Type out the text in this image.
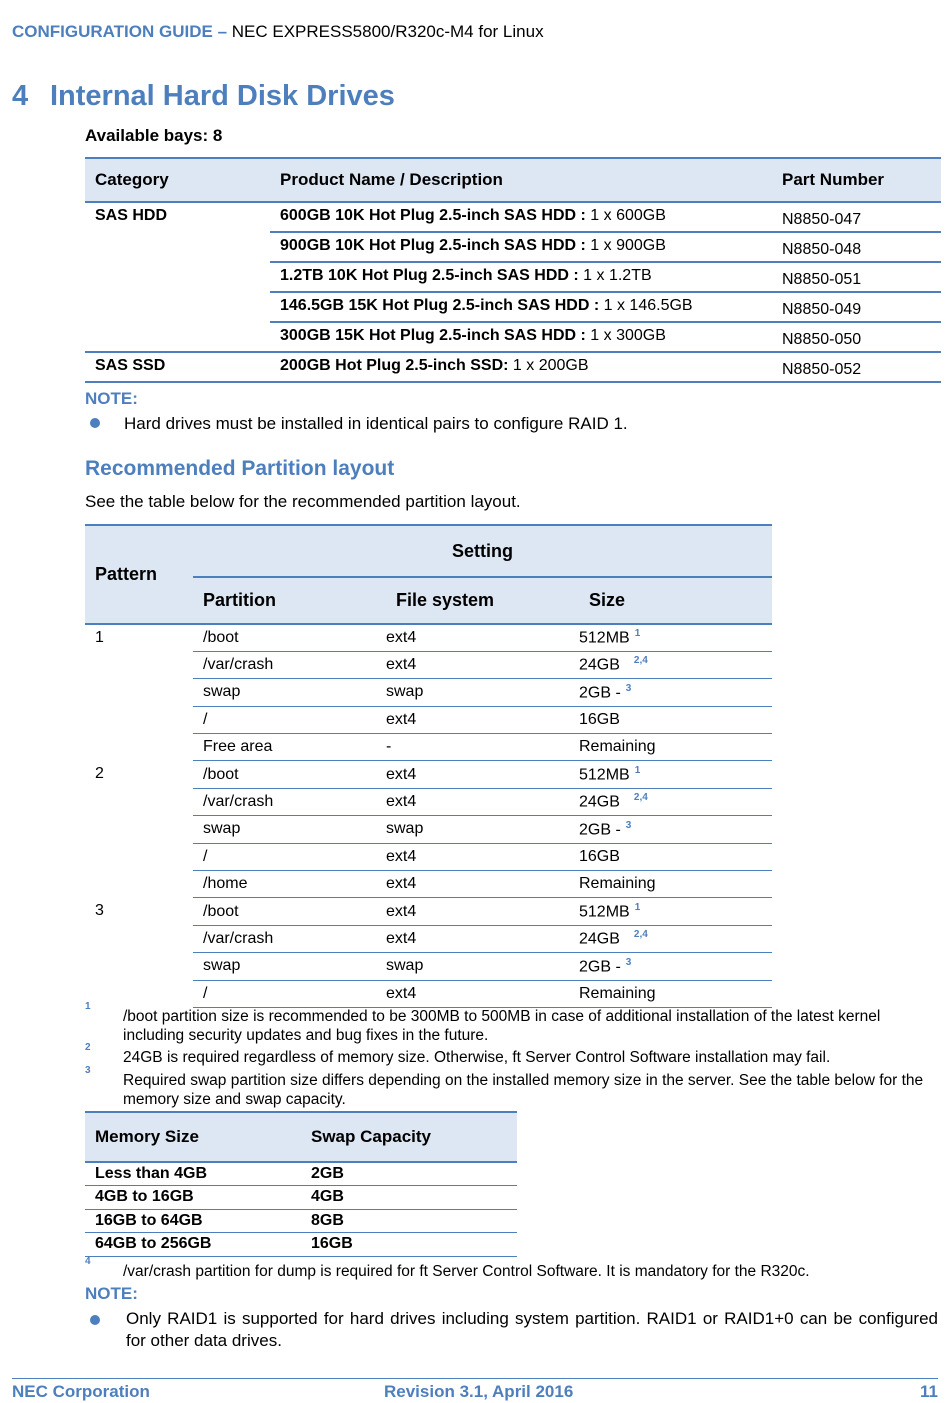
CONFIGURATION GUIDE – NEC EXPRESS5800/R320c-M4 for Linux
4 Internal Hard Disk Drives
Available bays: 8
Category	Product Name / Description	Part Number
SAS HDD	600GB 10K Hot Plug 2.5-inch SAS HDD : 1 x 600GB	N8850-047
	900GB 10K Hot Plug 2.5-inch SAS HDD : 1 x 900GB	N8850-048
	1.2TB 10K Hot Plug 2.5-inch SAS HDD : 1 x 1.2TB	N8850-051
	146.5GB 15K Hot Plug 2.5-inch SAS HDD : 1 x 146.5GB	N8850-049
	300GB 15K Hot Plug 2.5-inch SAS HDD : 1 x 300GB	N8850-050
SAS SSD	200GB Hot Plug 2.5-inch SSD: 1 x 200GB	N8850-052
NOTE:
Hard drives must be installed in identical pairs to configure RAID 1.
Recommended Partition layout
See the table below for the recommended partition layout.
Pattern	Setting		
	Partition	File system	Size
1	/boot	ext4	512MB $^1$
	/var/crash	ext4	24GB $^{2,4}$
	swap	swap	2GB - $^3$
	/	ext4	16GB
	Free area	-	Remaining
2	/boot	ext4	512MB $^1$
	/var/crash	ext4	24GB $^{2,4}$
	swap	swap	2GB - $^3$
	/	ext4	16GB
	/home	ext4	Remaining
3	/boot	ext4	512MB $^1$
	/var/crash	ext4	24GB $^{2,4}$
	swap	swap	2GB - $^3$
	/	ext4	Remaining
1
/boot partition size is recommended to be 300MB to 500MB in case of additional installation of the latest kernel including security updates and bug fixes in the future.
2
24GB is required regardless of memory size. Otherwise, ft Server Control Software installation may fail.
3
Required swap partition size differs depending on the installed memory size in the server. See the table below for the memory size and swap capacity.
Memory Size	Swap Capacity
Less than 4GB	2GB
4GB to 16GB	4GB
16GB to 64GB	8GB
64GB to 256GB	16GB
4
/var/crash partition for dump is required for ft Server Control Software. It is mandatory for the R320c.
NOTE:
Only RAID1 is supported for hard drives including system partition. RAID1 or RAID1+0 can be configured for other data drives.
NEC Corporation	Revision 3.1, April 2016	11
